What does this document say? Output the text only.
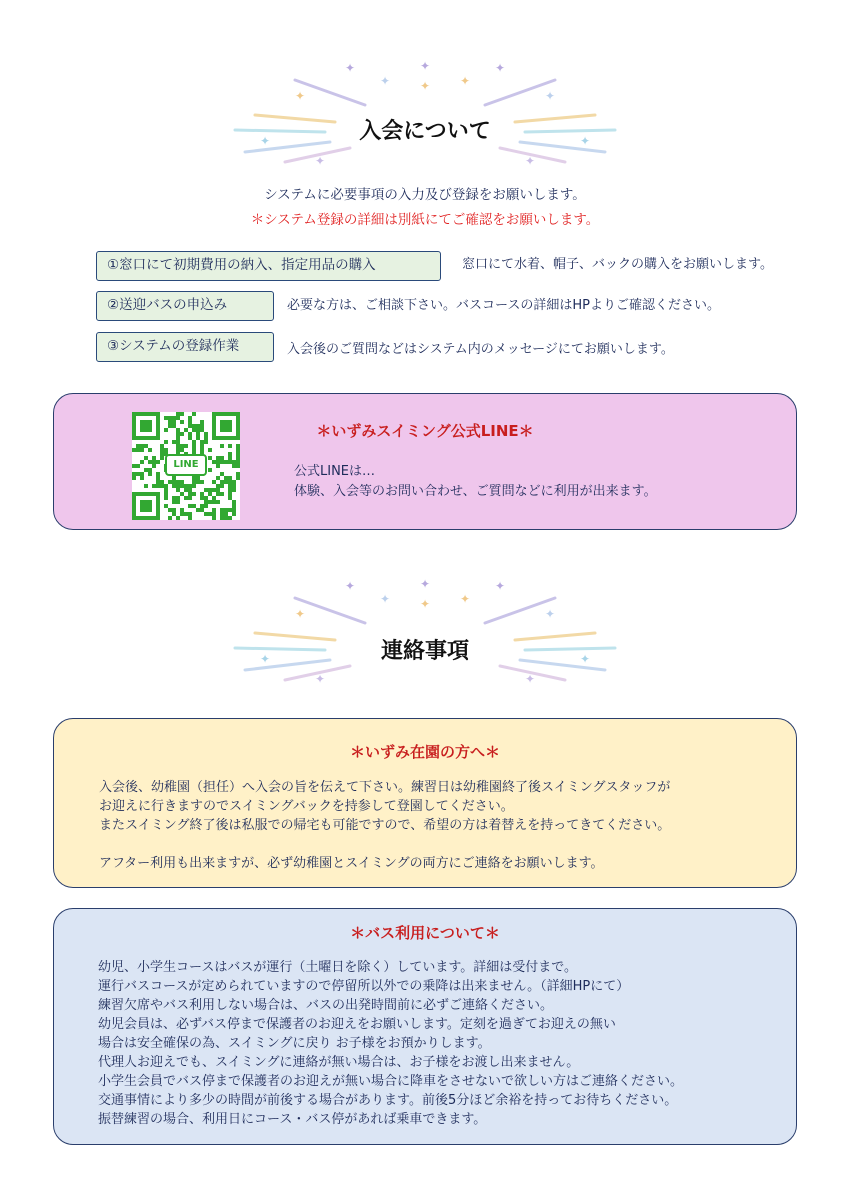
✦
✦
✦
✦
✦
✦	✦
✦	✦
✦	✦
✦
入会について
システムに必要事項の入力及び登録をお願いします。
＊システム登録の詳細は別紙にてご確認をお願いします。
①窓口にて初期費用の納入、指定用品の購入	窓口にて水着、帽子、バックの購入をお願いします。
②送迎バスの申込み	必要な方は、ご相談下さい。バスコースの詳細はHPよりご確認ください。
③システムの登録作業	入会後のご質問などはシステム内のメッセージにてお願いします。
LINE
＊いずみスイミング公式LINE＊
公式LINEは…
体験、入会等のお問い合わせ、ご質問などに利用が出来ます。
✦
✦
✦
✦
✦
✦	✦
✦	✦
✦	✦
✦
連絡事項
＊いずみ在園の方へ＊
入会後、幼稚園（担任）へ入会の旨を伝えて下さい。練習日は幼稚園終了後スイミングスタッフが
お迎えに行きますのでスイミングバックを持参して登園してください。
またスイミング終了後は私服での帰宅も可能ですので、希望の方は着替えを持ってきてください。
アフター利用も出来ますが、必ず幼稚園とスイミングの両方にご連絡をお願いします。
＊バス利用について＊
幼児、小学生コースはバスが運行（土曜日を除く）しています。詳細は受付まで。
運行バスコースが定められていますので停留所以外での乗降は出来ません。（詳細HPにて）
練習欠席やバス利用しない場合は、バスの出発時間前に必ずご連絡ください。
幼児会員は、必ずバス停まで保護者のお迎えをお願いします。定刻を過ぎてお迎えの無い
場合は安全確保の為、スイミングに戻り お子様をお預かりします。
代理人お迎えでも、スイミングに連絡が無い場合は、お子様をお渡し出来ません。
小学生会員でバス停まで保護者のお迎えが無い場合に降車をさせないで欲しい方はご連絡ください。
交通事情により多少の時間が前後する場合があります。前後5分ほど余裕を持ってお待ちください。
振替練習の場合、利用日にコース・バス停があれば乗車できます。
